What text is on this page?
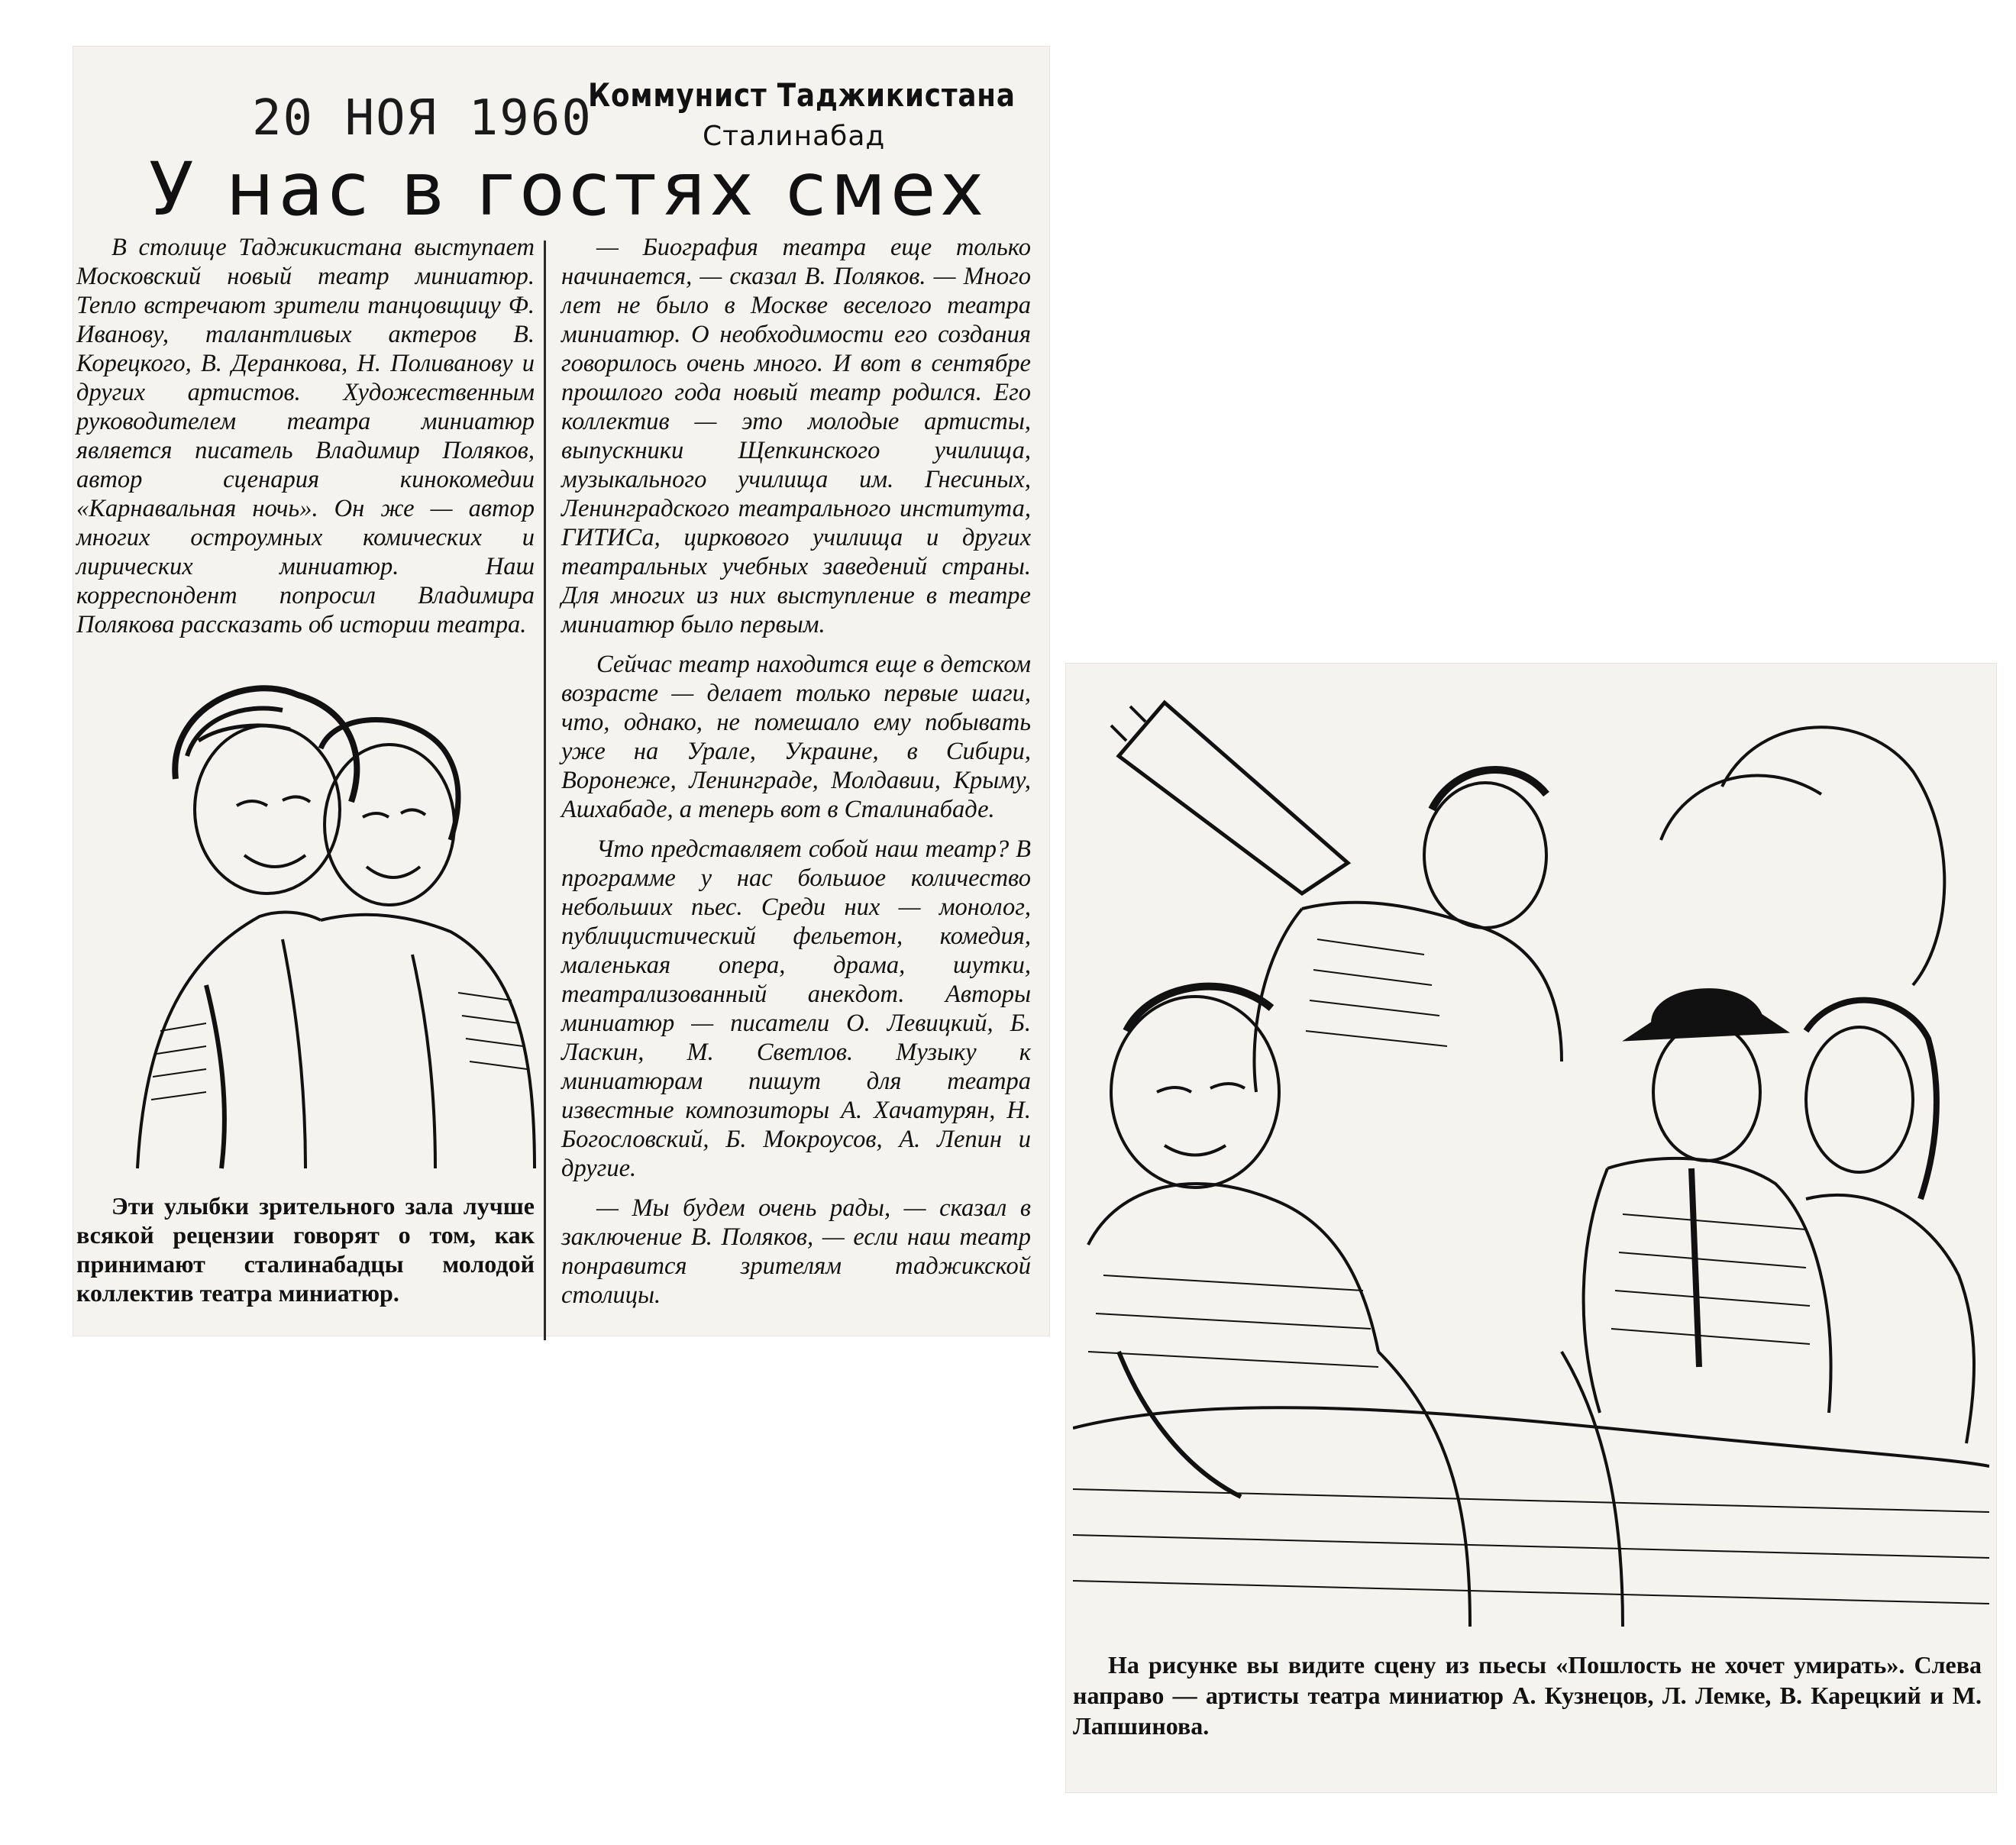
20 НОЯ 1960
Коммунист Таджикистана
Сталинабад
У нас в гостях смех
В столице Таджикистана выступает Московский новый театр миниатюр. Тепло встречают зрители танцовщицу Ф. Иванову, талантливых актеров В. Корецкого, В. Деранкова, Н. Поливанову и других артистов. Художественным руководителем театра миниатюр является писатель Владимир Поляков, автор сценария кинокомедии «Карнавальная ночь». Он же — автор многих остроумных комических и лирических миниатюр. Наш корреспондент попросил Владимира Полякова рассказать об истории театра.

— Биография театра еще только начинается, — сказал В. Поляков. — Много лет не было в Москве веселого театра миниатюр. О необходимости его создания говорилось очень много. И вот в сентябре прошлого года новый театр родился. Его коллектив — это молодые артисты, выпускники Щепкинского училища, музыкального училища им. Гнесиных, Ленинградского театрального института, ГИТИСа, циркового училища и других театральных учебных заведений страны. Для многих из них выступление в театре миниатюр было первым.

Сейчас театр находится еще в детском возрасте — делает только первые шаги, что, однако, не помешало ему побывать уже на Урале, Украине, в Сибири, Воронеже, Ленинграде, Молдавии, Крыму, Ашхабаде, а теперь вот в Сталинабаде.

Что представляет собой наш театр? В программе у нас большое количество небольших пьес. Среди них — монолог, публицистический фельетон, комедия, маленькая опера, драма, шутки, театрализованный анекдот. Авторы миниатюр — писатели О. Левицкий, Б. Ласкин, М. Светлов. Музыку к миниатюрам пишут для театра известные композиторы А. Хачатурян, Н. Богословский, Б. Мокроусов, А. Лепин и другие.

— Мы будем очень рады, — сказал в заключение В. Поляков, — если наш театр понравится зрителям таджикской столицы.

Эти улыбки зрительного зала лучше всякой рецензии говорят о том, как принимают сталинабадцы молодой коллектив театра миниатюр.
На рисунке вы видите сцену из пьесы «Пошлость не хочет умирать». Слева направо — артисты театра миниатюр А. Кузнецов, Л. Лемке, В. Карецкий и М. Лапшинова.
